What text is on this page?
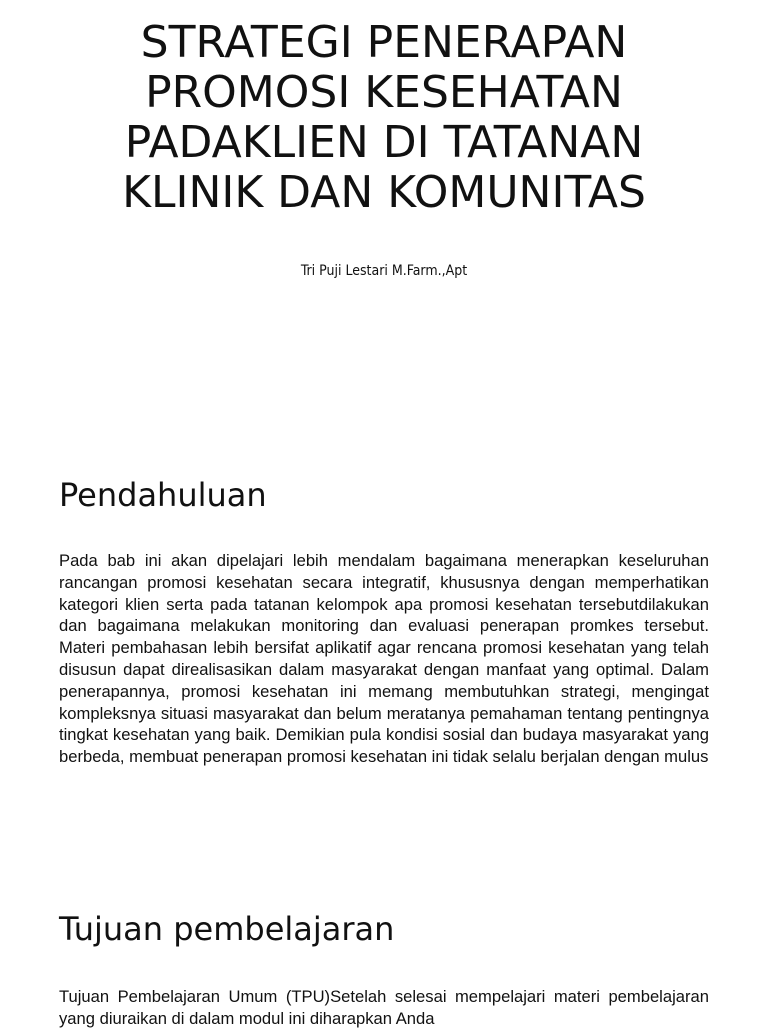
STRATEGI PENERAPAN
PROMOSI KESEHATAN
PADAKLIEN DI TATANAN
KLINIK DAN KOMUNITAS
Tri Puji Lestari M.Farm.,Apt
Pendahuluan

Pada bab ini akan dipelajari lebih mendalam bagaimana menerapkan keseluruhan rancangan promosi kesehatan secara integratif, khususnya dengan memperhatikan kategori klien serta pada tatanan kelompok apa promosi kesehatan tersebutdilakukan dan bagaimana melakukan monitoring dan evaluasi penerapan promkes tersebut. Materi pembahasan lebih bersifat aplikatif agar rencana promosi kesehatan yang telah disusun dapat direalisasikan dalam masyarakat dengan manfaat yang optimal. Dalam penerapannya, promosi kesehatan ini memang membutuhkan strategi, mengingat kompleksnya situasi masyarakat dan belum meratanya pemahaman tentang pentingnya tingkat kesehatan yang baik. Demikian pula kondisi sosial dan budaya masyarakat yang berbeda, membuat penerapan promosi kesehatan ini tidak selalu berjalan dengan mulus

Tujuan pembelajaran

Tujuan Pembelajaran Umum (TPU)Setelah selesai mempelajari materi pembelajaran yang diuraikan di dalam modul ini diharapkan Anda
